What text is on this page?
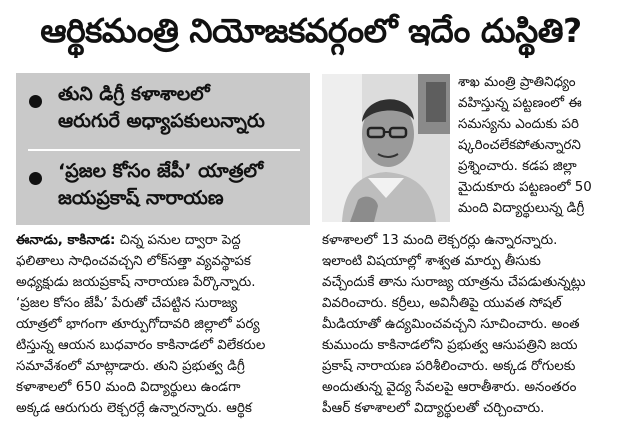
ఆర్థికమంత్రి నియోజకవర్గంలో ఇదేం దుస్థితి?
తుని డిగ్రీ కళాశాలలో
ఆరుగురే అధ్యాపకులున్నారు
‘ప్రజల కోసం జేపీ’ యాత్రలో
జయప్రకాష్ నారాయణ
శాఖ మంత్రి ప్రాతినిధ్యం
వహిస్తున్న పట్టణంలో ఈ
సమస్యను ఎందుకు పరి
ష్కరించలేకపోతున్నారని
ప్రశ్నించారు. కడప జిల్లా
మైదుకూరు పట్టణంలో 50
మంది విద్యార్థులున్న డిగ్రీ
ఈనాడు, కాకినాడ: చిన్న పనుల ద్వారా పెద్ద
ఫలితాలు సాధించవచ్చని లోక్‌సత్తా వ్యవస్థాపక
అధ్యక్షుడు జయప్రకాష్ నారాయణ పేర్కొన్నారు.
‘ప్రజల కోసం జేపీ’ పేరుతో చేపట్టిన సురాజ్య
యాత్రలో భాగంగా తూర్పుగోదావరి జిల్లాలో పర్య
టిస్తున్న ఆయన బుధవారం కాకినాడలో విలేకరుల
సమావేశంలో మాట్లాడారు. తుని ప్రభుత్వ డిగ్రీ
కళాశాలలో 650 మంది విద్యార్థులు ఉండగా
అక్కడ ఆరుగురు లెక్చరర్లే ఉన్నారన్నారు. ఆర్థిక
కళాశాలలో 13 మంది లెక్చరర్లు ఉన్నారన్నారు.
ఇలాంటి విషయాల్లో శాశ్వత మార్పు తీసుకు
వచ్చేందుకే తాను సురాజ్య యాత్రను చేపడుతున్నట్లు
వివరించారు. కర్రీలు, అవినీతిపై యువత సోషల్
మీడియాతో ఉద్యమించవచ్చని సూచించారు. అంత
కుముందు కాకినాడలోని ప్రభుత్వ ఆసుపత్రిని జయ
ప్రకాష్ నారాయణ పరిశీలించారు. అక్కడ రోగులకు
అందుతున్న వైద్య సేవలపై ఆరాతీశారు. అనంతరం
పీఆర్ కళాశాలలో విద్యార్థులతో చర్చించారు.
